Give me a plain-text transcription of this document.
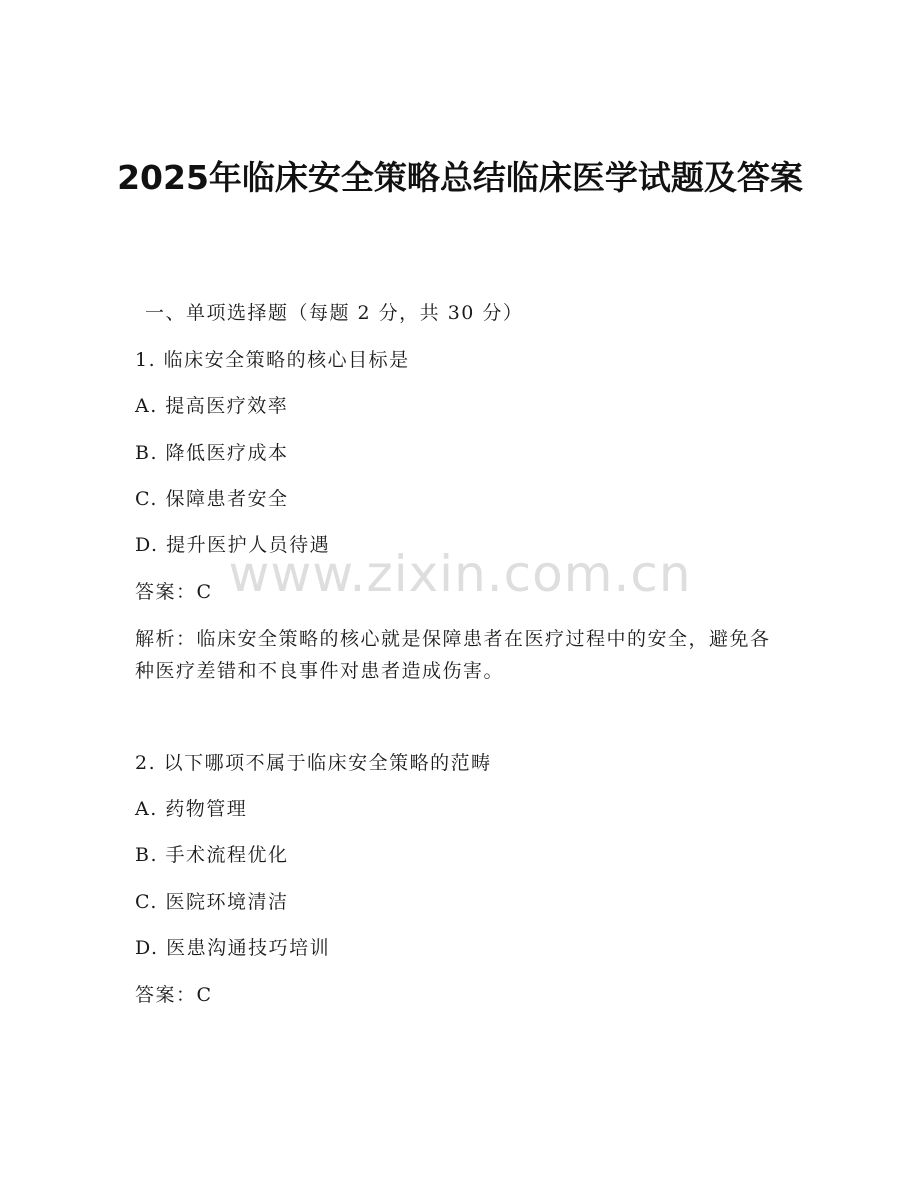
2025年临床安全策略总结临床医学试题及答案

一、单项选择题（每题 2 分，共 30 分）

1. 临床安全策略的核心目标是

A. 提高医疗效率

B. 降低医疗成本

C. 保障患者安全

D. 提升医护人员待遇

答案：C

解析：临床安全策略的核心就是保障患者在医疗过程中的安全，避免各种医疗差错和不良事件对患者造成伤害。

2. 以下哪项不属于临床安全策略的范畴

A. 药物管理

B. 手术流程优化

C. 医院环境清洁

D. 医患沟通技巧培训

答案：C

www.zixin.com.cn
